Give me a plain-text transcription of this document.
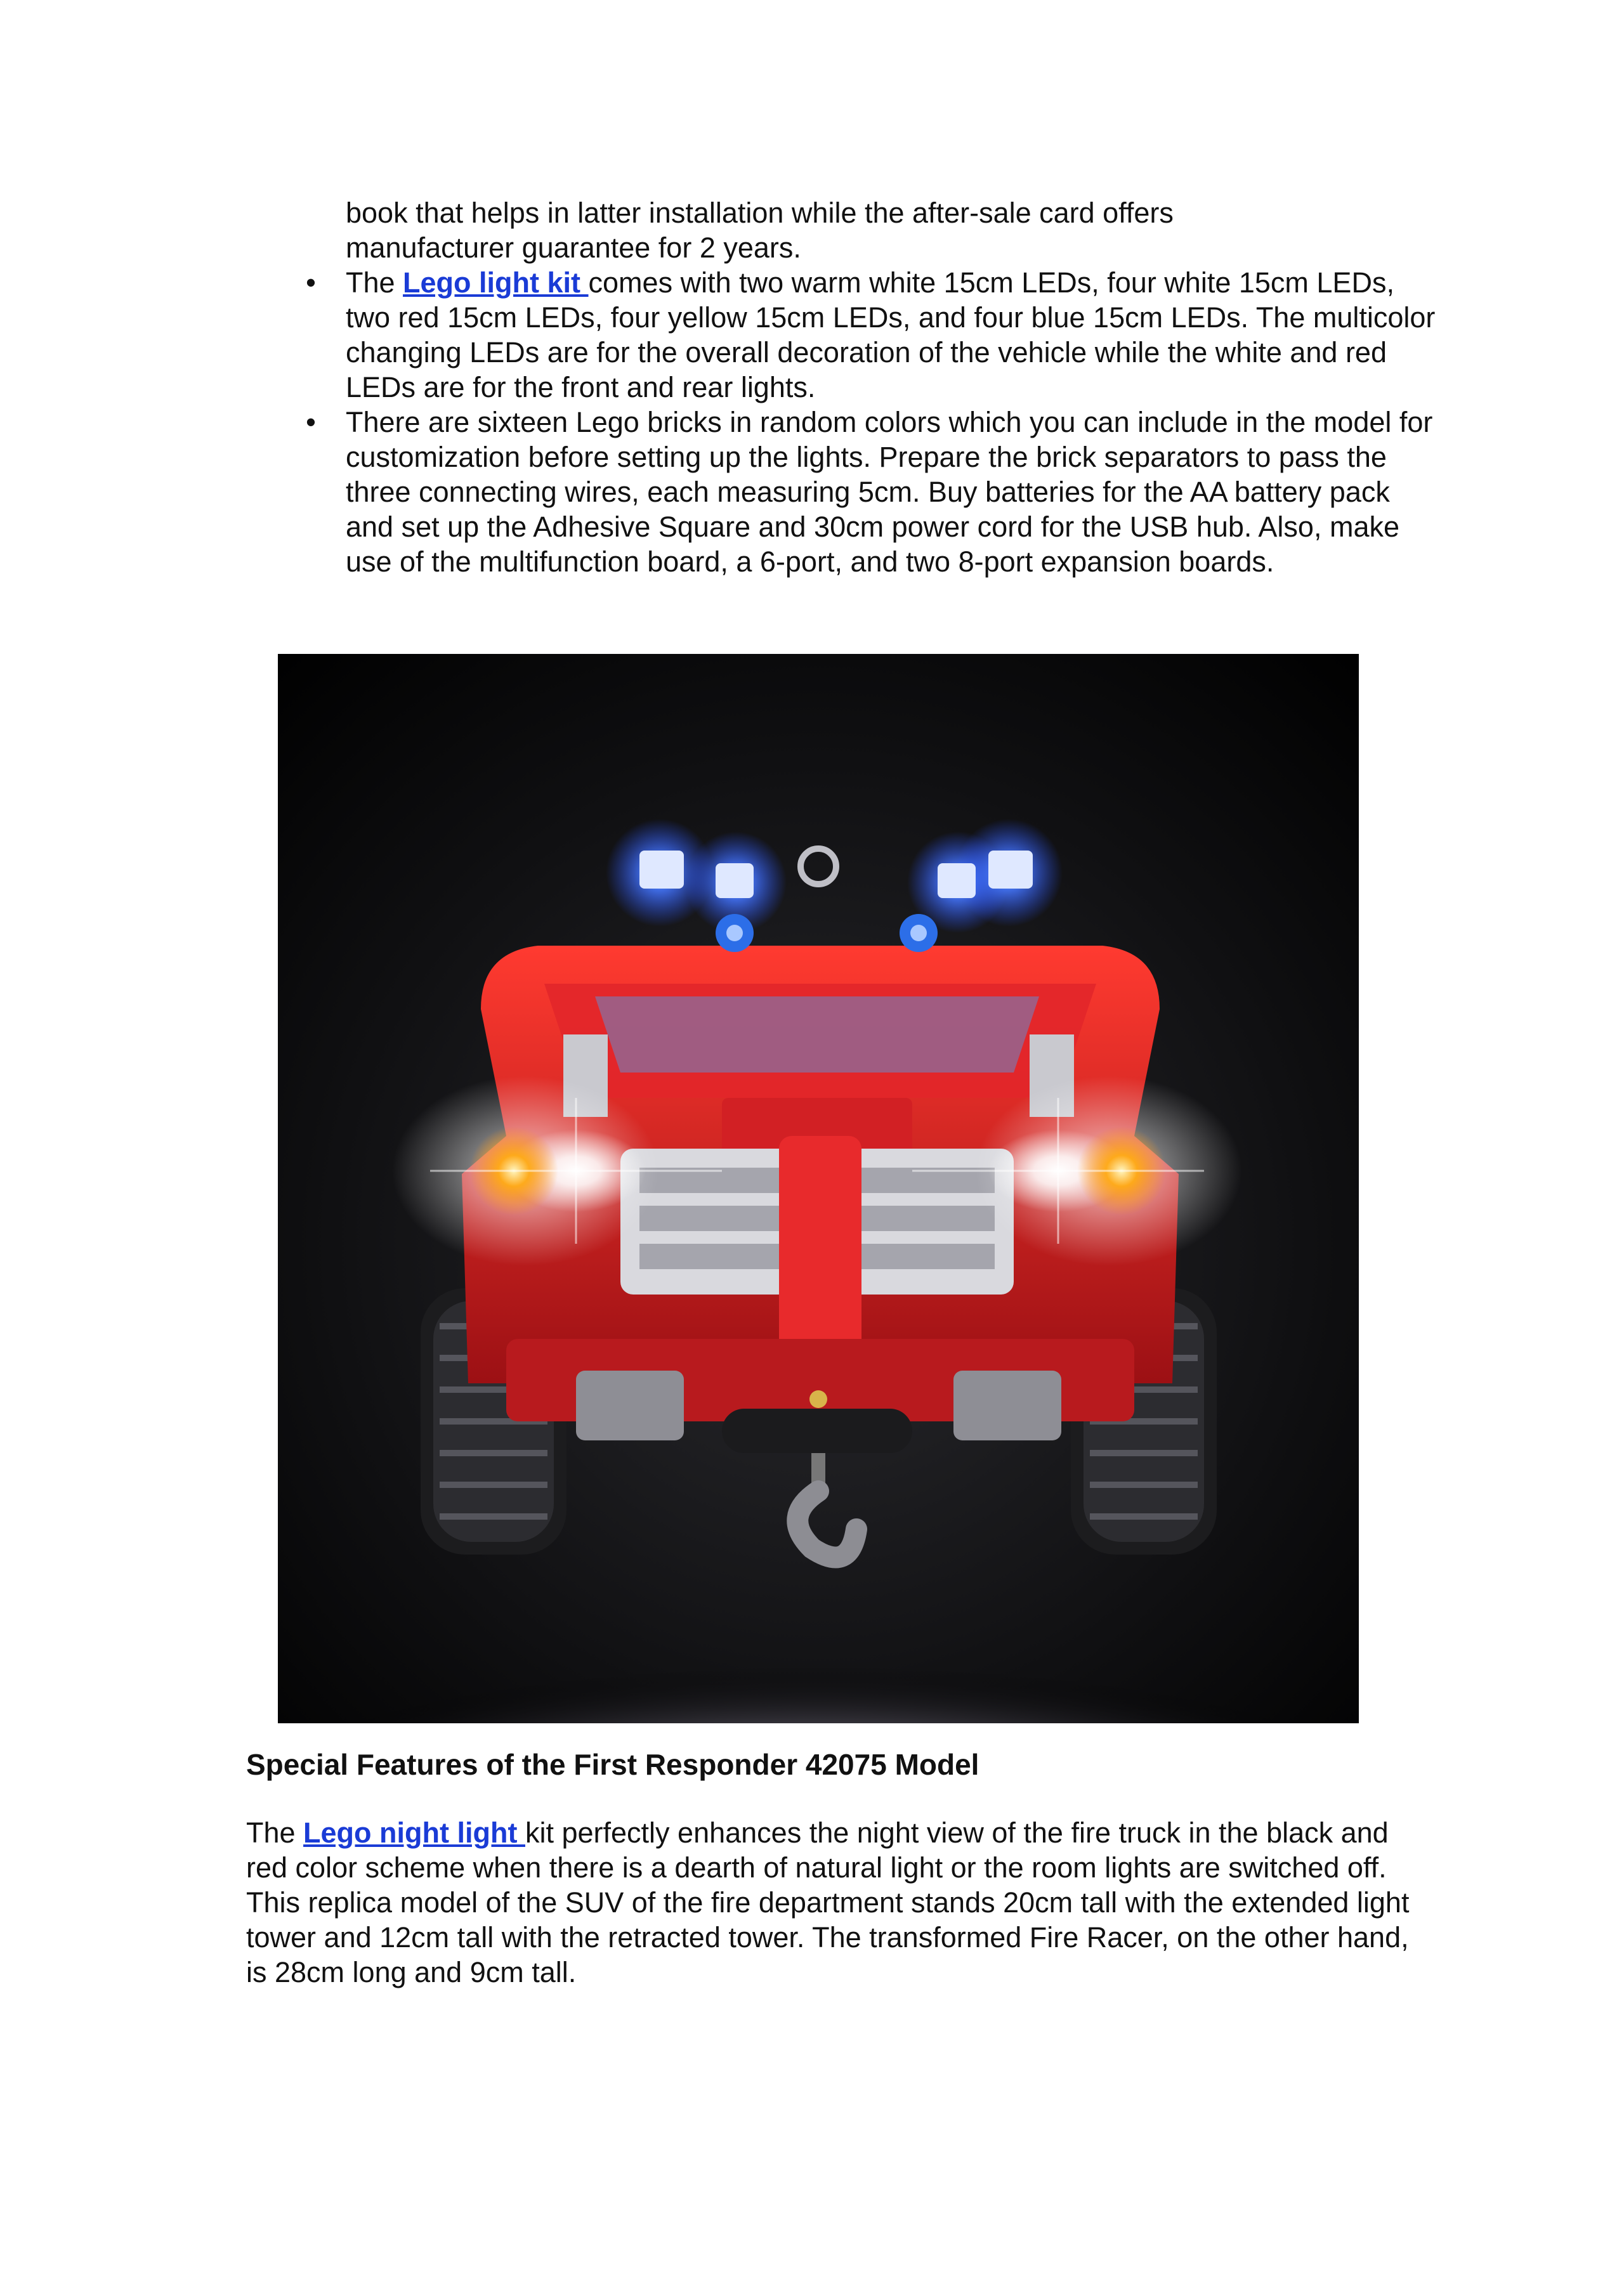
book that helps in latter installation while the after-sale card offers

manufacturer guarantee for 2 years.

• The Lego light kit comes with two warm white 15cm LEDs, four white 15cm LEDs, two red 15cm LEDs, four yellow 15cm LEDs, and four blue 15cm LEDs. The multicolor changing LEDs are for the overall decoration of the vehicle while the white and red LEDs are for the front and rear lights.
• There are sixteen Lego bricks in random colors which you can include in the model for customization before setting up the lights. Prepare the brick separators to pass the three connecting wires, each measuring 5cm. Buy batteries for the AA battery pack and set up the Adhesive Square and 30cm power cord for the USB hub. Also, make use of the multifunction board, a 6-port, and two 8-port expansion boards.
Special Features of the First Responder 42075 Model

The Lego night light kit perfectly enhances the night view of the fire truck in the black and red color scheme when there is a dearth of natural light or the room lights are switched off. This replica model of the SUV of the fire department stands 20cm tall with the extended light tower and 12cm tall with the retracted tower. The transformed Fire Racer, on the other hand, is 28cm long and 9cm tall.
